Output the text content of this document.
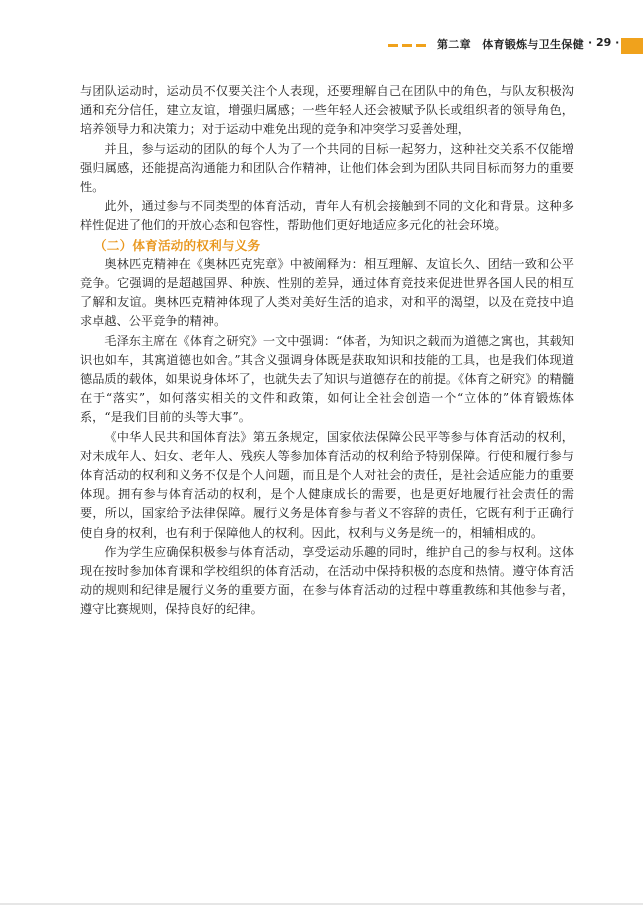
第二章　体育锻炼与卫生保健 · 29 ·

与团队运动时，运动员不仅要关注个人表现，还要理解自己在团队中的角色，与队友积极沟通和充分信任，建立友谊，增强归属感；一些年轻人还会被赋予队长或组织者的领导角色，培养领导力和决策力；对于运动中难免出现的竞争和冲突学习妥善处理，

并且，参与运动的团队的每个人为了一个共同的目标一起努力，这种社交关系不仅能增强归属感，还能提高沟通能力和团队合作精神，让他们体会到为团队共同目标而努力的重要性。

此外，通过参与不同类型的体育活动，青年人有机会接触到不同的文化和背景。这种多样性促进了他们的开放心态和包容性，帮助他们更好地适应多元化的社会环境。

（二）体育活动的权利与义务

奥林匹克精神在《奥林匹克宪章》中被阐释为：相互理解、友谊长久、团结一致和公平竞争。它强调的是超越国界、种族、性别的差异，通过体育竞技来促进世界各国人民的相互了解和友谊。奥林匹克精神体现了人类对美好生活的追求，对和平的渴望，以及在竞技中追求卓越、公平竞争的精神。

毛泽东主席在《体育之研究》一文中强调：“体者，为知识之载而为道德之寓也，其载知识也如车，其寓道德也如舍。”其含义强调身体既是获取知识和技能的工具，也是我们体现道德品质的载体，如果说身体坏了，也就失去了知识与道德存在的前提。《体育之研究》的精髓在于“落实”，如何落实相关的文件和政策，如何让全社会创造一个“立体的”体育锻炼体系，“是我们目前的头等大事”。

《中华人民共和国体育法》第五条规定，国家依法保障公民平等参与体育活动的权利，对未成年人、妇女、老年人、残疾人等参加体育活动的权利给予特别保障。行使和履行参与体育活动的权利和义务不仅是个人问题，而且是个人对社会的责任，是社会适应能力的重要体现。拥有参与体育活动的权利，是个人健康成长的需要，也是更好地履行社会责任的需要，所以，国家给予法律保障。履行义务是体育参与者义不容辞的责任，它既有利于正确行使自身的权利，也有利于保障他人的权利。因此，权利与义务是统一的，相辅相成的。

作为学生应确保积极参与体育活动，享受运动乐趣的同时，维护自己的参与权利。这体现在按时参加体育课和学校组织的体育活动，在活动中保持积极的态度和热情。遵守体育活动的规则和纪律是履行义务的重要方面，在参与体育活动的过程中尊重教练和其他参与者，遵守比赛规则，保持良好的纪律。
